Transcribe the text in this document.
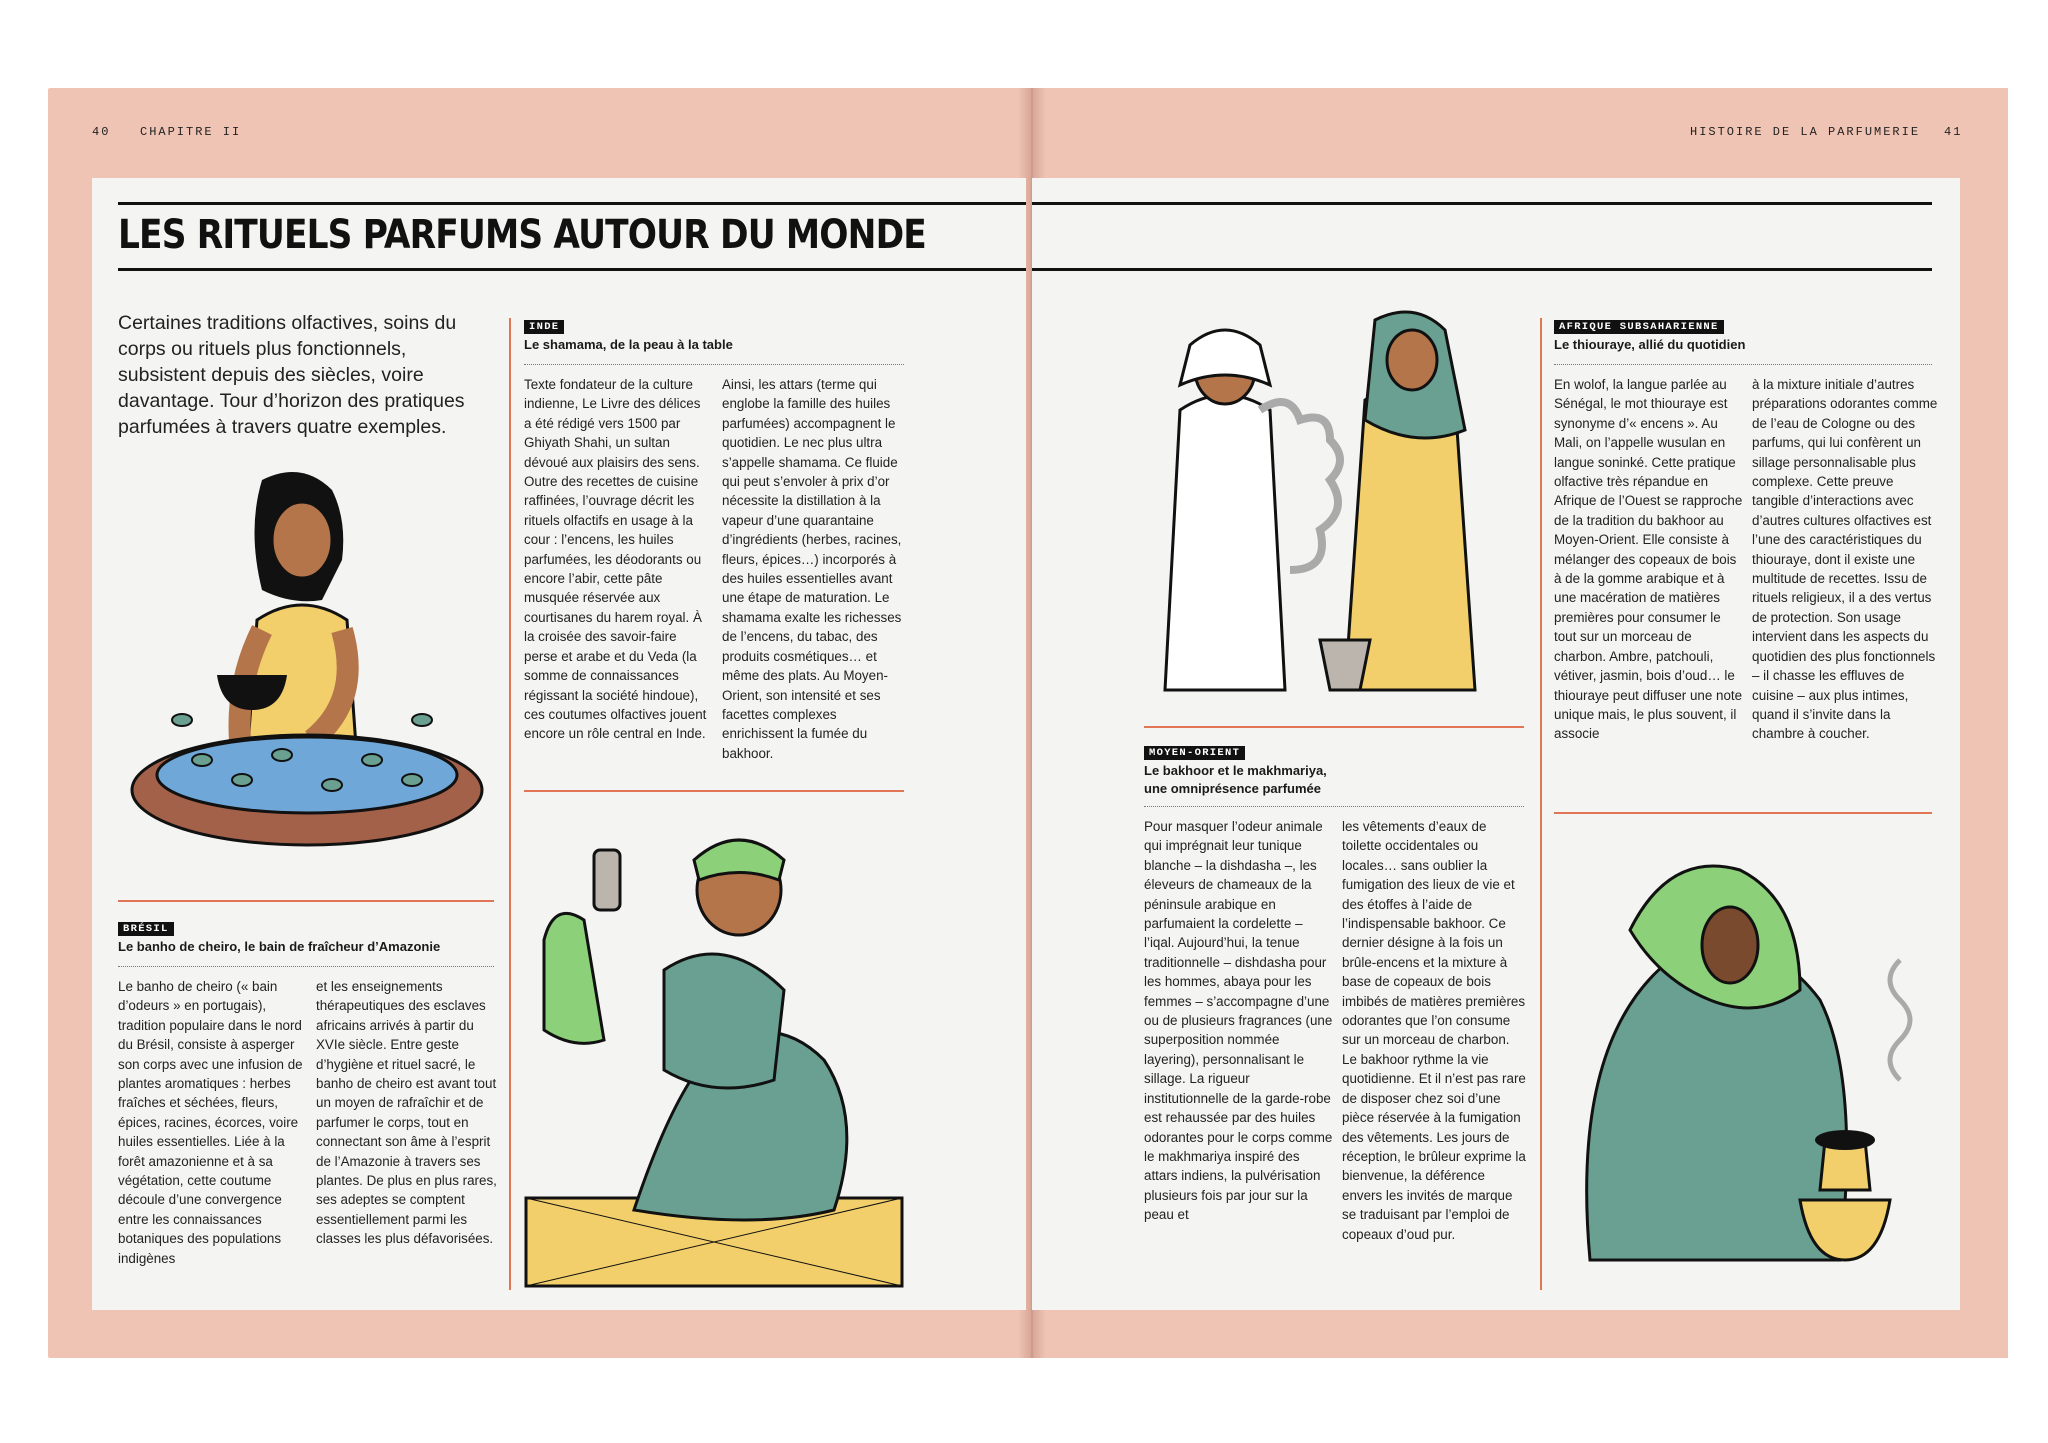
40 CHAPITRE II	HISTOIRE DE LA PARFUMERIE 41
LES RITUELS PARFUMS AUTOUR DU MONDE
Certaines traditions olfactives, soins du corps ou rituels plus fonctionnels, subsistent depuis des siècles, voire davantage. Tour d’horizon des pratiques parfumées à travers quatre exemples.
INDE
Le shamama, de la peau à la table
Texte fondateur de la culture indienne, Le Livre des délices a été rédigé vers 1500 par Ghiyath Shahi, un sultan dévoué aux plaisirs des sens. Outre des recettes de cuisine raffinées, l’ouvrage décrit les rituels olfactifs en usage à la cour : l’encens, les huiles parfumées, les déodorants ou encore l’abir, cette pâte musquée réservée aux courtisanes du harem royal. À la croisée des savoir-faire perse et arabe et du Veda (la somme de connaissances régissant la société hindoue), ces coutumes olfactives jouent encore un rôle central en Inde.
Ainsi, les attars (terme qui englobe la famille des huiles parfumées) accompagnent le quotidien. Le nec plus ultra s’appelle shamama. Ce fluide qui peut s’envoler à prix d’or nécessite la distillation à la vapeur d’une quarantaine d’ingrédients (herbes, racines, fleurs, épices…) incorporés à des huiles essentielles avant une étape de maturation. Le shamama exalte les richesses de l’encens, du tabac, des produits cosmétiques… et même des plats. Au Moyen-Orient, son intensité et ses facettes complexes enrichissent la fumée du bakhoor.
BRÉSIL
Le banho de cheiro, le bain de fraîcheur d’Amazonie
Le banho de cheiro (« bain d’odeurs » en portugais), tradition populaire dans le nord du Brésil, consiste à asperger son corps avec une infusion de plantes aromatiques : herbes fraîches et séchées, fleurs, épices, racines, écorces, voire huiles essentielles. Liée à la forêt amazonienne et à sa végétation, cette coutume découle d’une convergence entre les connaissances botaniques des populations indigènes
et les enseignements thérapeutiques des esclaves africains arrivés à partir du XVIe siècle. Entre geste d’hygiène et rituel sacré, le banho de cheiro est avant tout un moyen de rafraîchir et de parfumer le corps, tout en connectant son âme à l’esprit de l’Amazonie à travers ses plantes. De plus en plus rares, ses adeptes se comptent essentiellement parmi les classes les plus défavorisées.
MOYEN-ORIENT
Le bakhoor et le makhmariya,
une omniprésence parfumée
Pour masquer l’odeur animale qui imprégnait leur tunique blanche – la dishdasha –, les éleveurs de chameaux de la péninsule arabique en parfumaient la cordelette – l’iqal. Aujourd’hui, la tenue traditionnelle – dishdasha pour les hommes, abaya pour les femmes – s’accompagne d’une ou de plusieurs fragrances (une superposition nommée layering), personnalisant le sillage. La rigueur institutionnelle de la garde-robe est rehaussée par des huiles odorantes pour le corps comme le makhmariya inspiré des attars indiens, la pulvérisation plusieurs fois par jour sur la peau et
les vêtements d’eaux de toilette occidentales ou locales… sans oublier la fumigation des lieux de vie et des étoffes à l’aide de l’indispensable bakhoor. Ce dernier désigne à la fois un brûle-encens et la mixture à base de copeaux de bois imbibés de matières premières odorantes que l’on consume sur un morceau de charbon. Le bakhoor rythme la vie quotidienne. Et il n’est pas rare de disposer chez soi d’une pièce réservée à la fumigation des vêtements. Les jours de réception, le brûleur exprime la bienvenue, la déférence envers les invités de marque se traduisant par l’emploi de copeaux d’oud pur.
AFRIQUE SUBSAHARIENNE
Le thiouraye, allié du quotidien
En wolof, la langue parlée au Sénégal, le mot thiouraye est synonyme d’« encens ». Au Mali, on l’appelle wusulan en langue soninké. Cette pratique olfactive très répandue en Afrique de l’Ouest se rapproche de la tradition du bakhoor au Moyen-Orient. Elle consiste à mélanger des copeaux de bois à de la gomme arabique et à une macération de matières premières pour consumer le tout sur un morceau de charbon. Ambre, patchouli, vétiver, jasmin, bois d’oud… le thiouraye peut diffuser une note unique mais, le plus souvent, il associe
à la mixture initiale d’autres préparations odorantes comme de l’eau de Cologne ou des parfums, qui lui confèrent un sillage personnalisable plus complexe. Cette preuve tangible d’interactions avec d’autres cultures olfactives est l’une des caractéristiques du thiouraye, dont il existe une multitude de recettes. Issu de rituels religieux, il a des vertus de protection. Son usage intervient dans les aspects du quotidien des plus fonctionnels – il chasse les effluves de cuisine – aux plus intimes, quand il s’invite dans la chambre à coucher.
